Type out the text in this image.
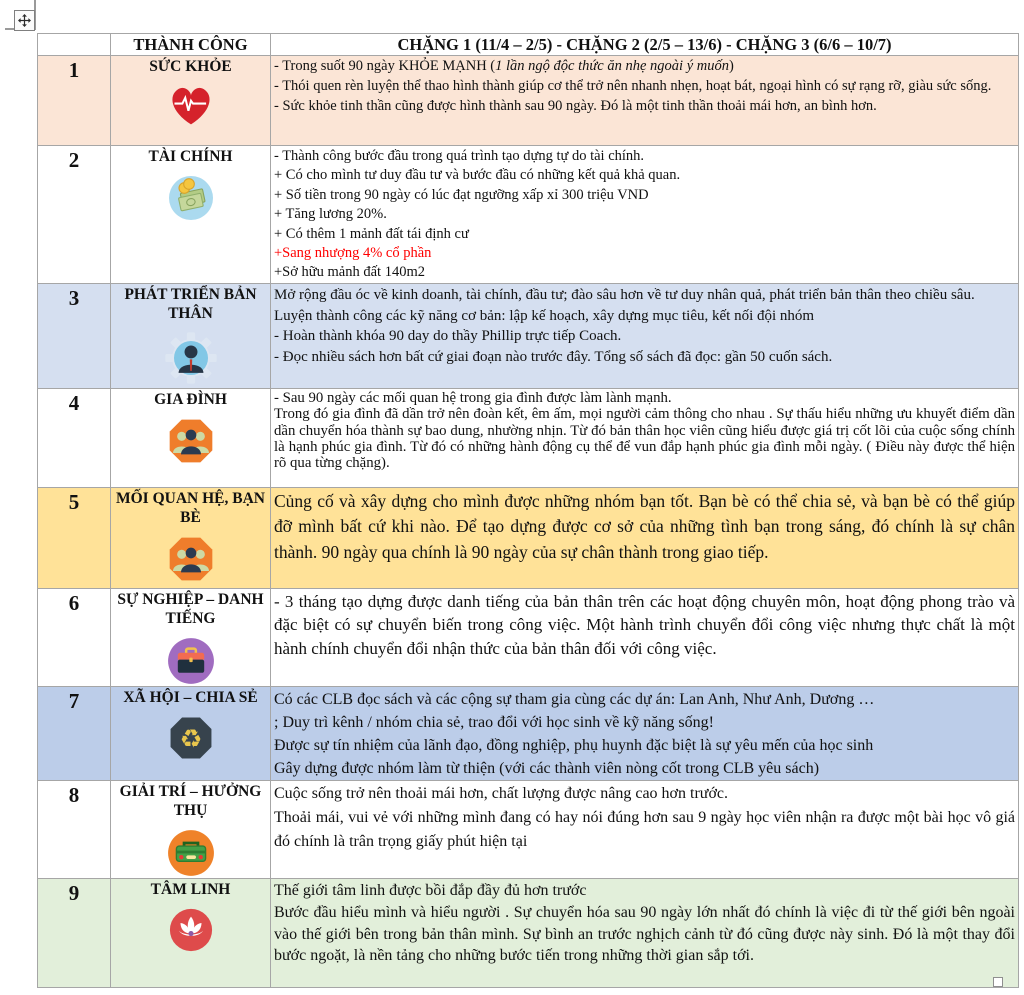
	THÀNH CÔNG	CHẶNG 1 (11/4 – 2/5) - CHẶNG 2 (2/5 – 13/6) - CHẶNG 3 (6/6 – 10/7)
1	SỨC KHỎE	- Trong suốt 90 ngày KHỎE MẠNH (1 lần ngộ độc thức ăn nhẹ ngoài ý muốn)

- Thói quen rèn luyện thể thao hình thành giúp cơ thể trở nên nhanh nhẹn, hoạt bát, ngoại hình có sự rạng rỡ, giàu sức sống.

- Sức khỏe tinh thần cũng được hình thành sau 90 ngày. Đó là một tinh thần thoải mái hơn, an bình hơn.

2	TÀI CHÍNH	- Thành công bước đầu trong quá trình tạo dựng tự do tài chính.

+ Có cho mình tư duy đầu tư và bước đầu có những kết quả khả quan.

+ Số tiền trong 90 ngày có lúc đạt ngưỡng xấp xỉ 300 triệu VND

+ Tăng lương 20%.

+ Có thêm 1 mảnh đất tái định cư

+Sang nhượng 4% cổ phần

+Sở hữu mảnh đất 140m2

3	PHÁT TRIỂN BẢN THÂN	Mở rộng đầu óc về kinh doanh, tài chính, đầu tư; đào sâu hơn về tư duy nhân quả, phát triển bản thân theo chiều sâu.

Luyện thành công các kỹ năng cơ bản: lập kế hoạch, xây dựng mục tiêu, kết nối đội nhóm

- Hoàn thành khóa 90 day do thầy Phillip trực tiếp Coach.

- Đọc nhiều sách hơn bất cứ giai đoạn nào trước đây. Tổng số sách đã đọc: gần 50 cuốn sách.

4	GIA ĐÌNH	- Sau 90 ngày các mối quan hệ trong gia đình được làm lành mạnh.

Trong đó gia đình đã dần trở nên đoàn kết, êm ấm, mọi người cảm thông cho nhau . Sự thấu hiểu những ưu khuyết điểm dần dần chuyển hóa thành sự bao dung, nhường nhịn. Từ đó bản thân học viên cũng hiểu được giá trị cốt lõi của cuộc sống chính là hạnh phúc gia đình. Từ đó có những hành động cụ thể để vun đắp hạnh phúc gia đình mỗi ngày. ( Điều này được thể hiện rõ qua từng chặng).

5	MỐI QUAN HỆ, BẠN BÈ	Củng cố và xây dựng cho mình được những nhóm bạn tốt. Bạn bè có thể chia sẻ, và bạn bè có thể giúp đỡ mình bất cứ khi nào. Để tạo dựng được cơ sở của những tình bạn trong sáng, đó chính là sự chân thành. 90 ngày qua chính là 90 ngày của sự chân thành trong giao tiếp.

6	SỰ NGHIỆP – DANH TIẾNG	- 3 tháng tạo dựng được danh tiếng của bản thân trên các hoạt động chuyên môn, hoạt động phong trào và đặc biệt có sự chuyển biến trong công việc. Một hành trình chuyển đổi công việc nhưng thực chất là một hành chính chuyển đổi nhận thức của bản thân đối với công việc.

7	XÃ HỘI – CHIA SẺ
♻

Có các CLB đọc sách và các cộng sự tham gia cùng các dự án: Lan Anh, Như Anh, Dương …

; Duy trì kênh / nhóm chia sẻ, trao đổi với học sinh về kỹ năng sống!

Được sự tín nhiệm của lãnh đạo, đồng nghiệp, phụ huynh đặc biệt là sự yêu mến của học sinh

Gây dựng được nhóm làm từ thiện (với các thành viên nòng cốt trong CLB yêu sách)

8	GIẢI TRÍ – HƯỞNG THỤ	Cuộc sống trở nên thoải mái hơn, chất lượng được nâng cao hơn trước.

Thoải mái, vui vẻ với những mình đang có hay nói đúng hơn sau 9 ngày học viên nhận ra được một bài học vô giá đó chính là trân trọng giấy phút hiện tại

9	TÂM LINH	Thế giới tâm linh được bồi đắp đầy đủ hơn trước

Bước đầu hiểu mình và hiểu người . Sự chuyển hóa sau 90 ngày lớn nhất đó chính là việc đi từ thế giới bên ngoài vào thế giới bên trong bản thân mình. Sự bình an trước nghịch cảnh từ đó cũng được này sinh. Đó là một thay đổi bước ngoặt, là nền tảng cho những bước tiến trong những thời gian sắp tới.
